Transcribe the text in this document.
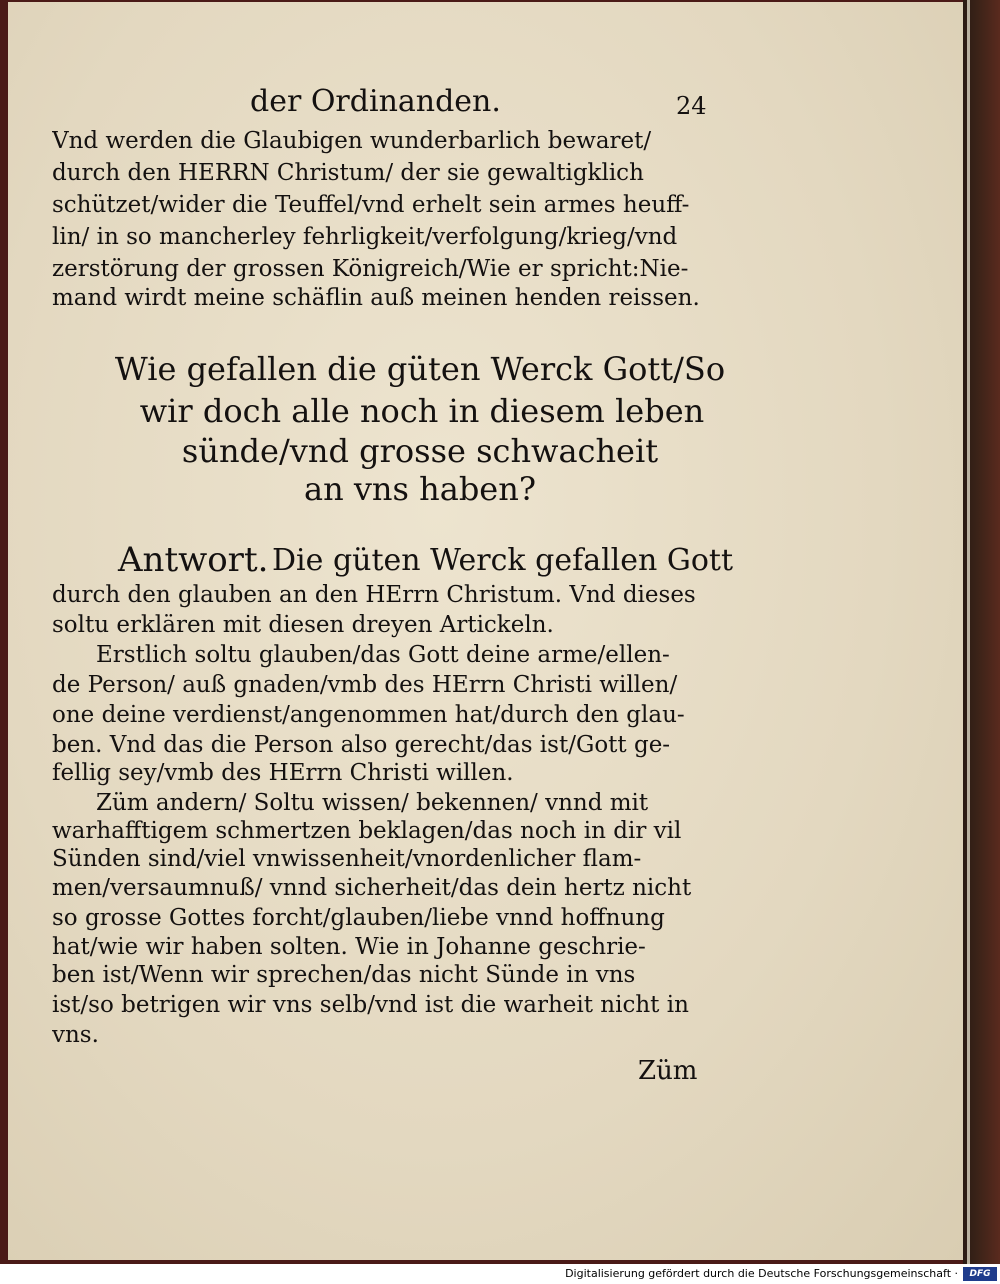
der Ordinanden.	24
Vnd werden die Glaubigen wunderbarlich bewaret/
durch den HERRN Christum/ der sie gewaltigklich
schützet/wider die Teuffel/vnd erhelt sein armes heuff-
lin/ in so mancherley fehrligkeit/verfolgung/krieg/vnd
zerstörung der grossen Königreich/Wie er spricht:Nie-
mand wirdt meine schäflin auß meinen henden reissen.
Wie gefallen die güten Werck Gott/So
wir doch alle noch in diesem leben
sünde/vnd grosse schwacheit
an vns haben?
Antwort. Die güten Werck gefallen Gott
durch den glauben an den HErrn Christum. Vnd dieses
soltu erklären mit diesen dreyen Artickeln.
Erstlich soltu glauben/das Gott deine arme/ellen-
de Person/ auß gnaden/vmb des HErrn Christi willen/
one deine verdienst/angenommen hat/durch den glau-
ben. Vnd das die Person also gerecht/das ist/Gott ge-
fellig sey/vmb des HErrn Christi willen.
Züm andern/ Soltu wissen/ bekennen/ vnnd mit
warhafftigem schmertzen beklagen/das noch in dir vil
Sünden sind/viel vnwissenheit/vnordenlicher flam-
men/versaumnuß/ vnnd sicherheit/das dein hertz nicht
so grosse Gottes forcht/glauben/liebe vnnd hoffnung
hat/wie wir haben solten. Wie in Johanne geschrie-
ben ist/Wenn wir sprechen/das nicht Sünde in vns
ist/so betrigen wir vns selb/vnd ist die warheit nicht in
vns.
Züm
Digitalisierung gefördert durch die Deutsche Forschungsgemeinschaft ·	DFG
